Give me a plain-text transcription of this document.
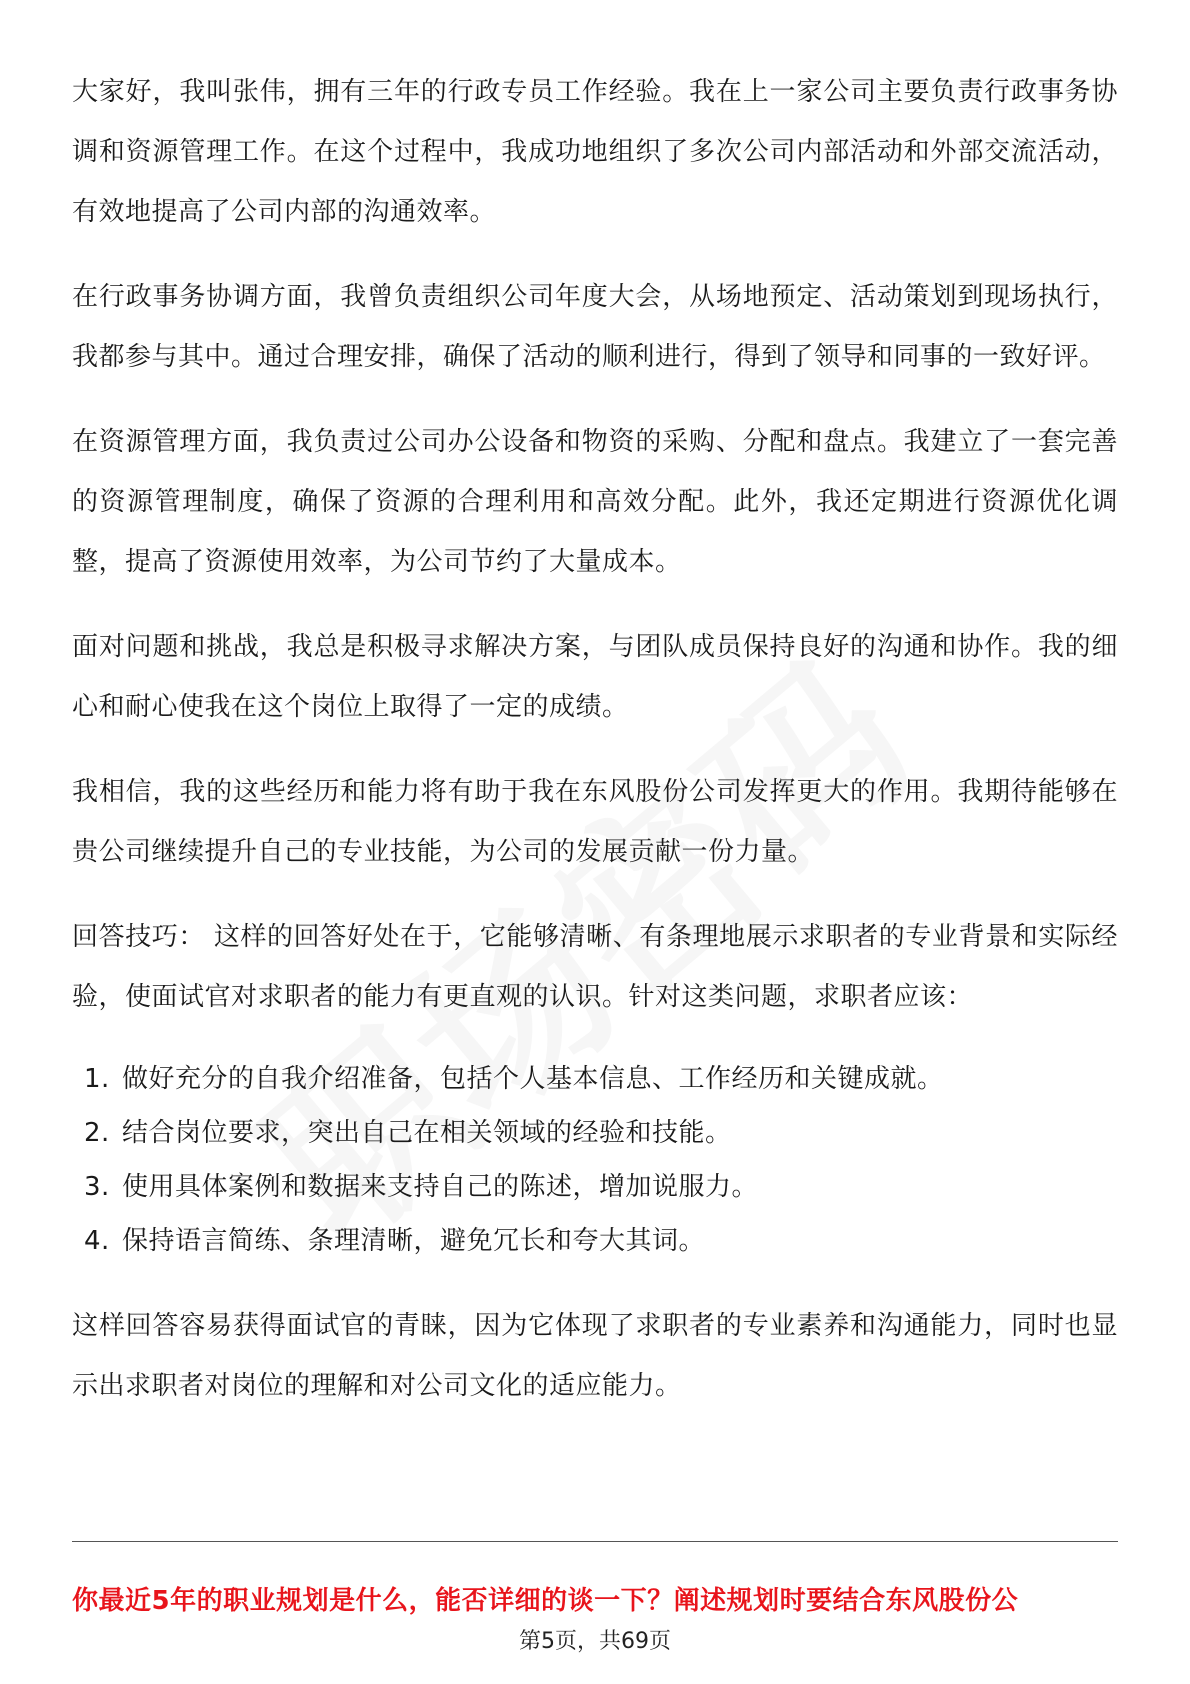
大家好，我叫张伟，拥有三年的行政专员工作经验。我在上一家公司主要负责行政事务协调和资源管理工作。在这个过程中，我成功地组织了多次公司内部活动和外部交流活动，有效地提高了公司内部的沟通效率。

在行政事务协调方面，我曾负责组织公司年度大会，从场地预定、活动策划到现场执行，我都参与其中。通过合理安排，确保了活动的顺利进行，得到了领导和同事的一致好评。

在资源管理方面，我负责过公司办公设备和物资的采购、分配和盘点。我建立了一套完善的资源管理制度，确保了资源的合理利用和高效分配。此外，我还定期进行资源优化调整，提高了资源使用效率，为公司节约了大量成本。

面对问题和挑战，我总是积极寻求解决方案，与团队成员保持良好的沟通和协作。我的细心和耐心使我在这个岗位上取得了一定的成绩。

我相信，我的这些经历和能力将有助于我在东风股份公司发挥更大的作用。我期待能够在贵公司继续提升自己的专业技能，为公司的发展贡献一份力量。

回答技巧： 这样的回答好处在于，它能够清晰、有条理地展示求职者的专业背景和实际经验，使面试官对求职者的能力有更直观的认识。针对这类问题，求职者应该：

1. 做好充分的自我介绍准备，包括个人基本信息、工作经历和关键成就。
2. 结合岗位要求，突出自己在相关领域的经验和技能。
3. 使用具体案例和数据来支持自己的陈述，增加说服力。
4. 保持语言简练、条理清晰，避免冗长和夸大其词。

这样回答容易获得面试官的青睐，因为它体现了求职者的专业素养和沟通能力，同时也显示出求职者对岗位的理解和对公司文化的适应能力。

你最近5年的职业规划是什么，能否详细的谈一下？阐述规划时要结合东风股份公
第5页，共69页
